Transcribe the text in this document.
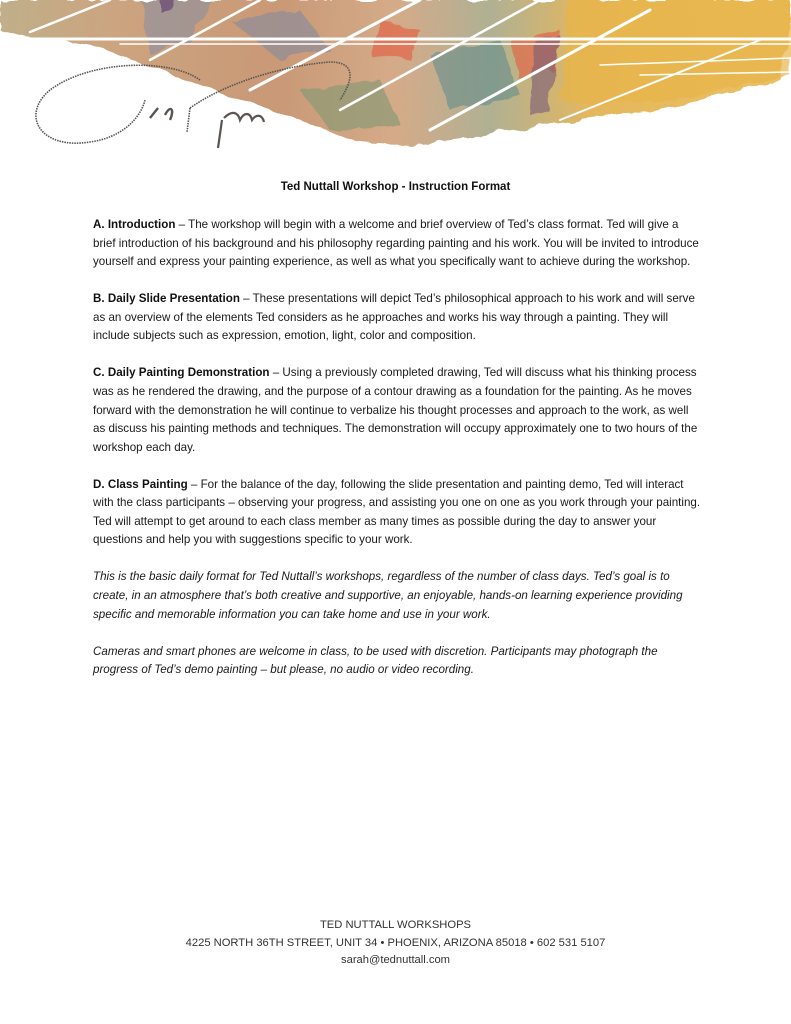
Ted Nuttall Workshop - Instruction Format

A. Introduction – The workshop will begin with a welcome and brief overview of Ted’s class format. Ted will give a brief introduction of his background and his philosophy regarding painting and his work. You will be invited to introduce yourself and express your painting experience, as well as what you specifically want to achieve during the workshop.

B. Daily Slide Presentation – These presentations will depict Ted’s philosophical approach to his work and will serve as an overview of the elements Ted considers as he approaches and works his way through a painting. They will include subjects such as expression, emotion, light, color and composition.

C. Daily Painting Demonstration – Using a previously completed drawing, Ted will discuss what his thinking process was as he rendered the drawing, and the purpose of a contour drawing as a foundation for the painting. As he moves forward with the demonstration he will continue to verbalize his thought processes and approach to the work, as well as discuss his painting methods and techniques. The demonstration will occupy approximately one to two hours of the workshop each day.

D. Class Painting – For the balance of the day, following the slide presentation and painting demo, Ted will interact with the class participants – observing your progress, and assisting you one on one as you work through your painting. Ted will attempt to get around to each class member as many times as possible during the day to answer your questions and help you with suggestions specific to your work.

This is the basic daily format for Ted Nuttall’s workshops, regardless of the number of class days. Ted’s goal is to create, in an atmosphere that’s both creative and supportive, an enjoyable, hands-on learning experience providing specific and memorable information you can take home and use in your work.

Cameras and smart phones are welcome in class, to be used with discretion. Participants may photograph the progress of Ted’s demo painting – but please, no audio or video recording.

TED NUTTALL WORKSHOPS
4225 NORTH 36TH STREET, UNIT 34 • PHOENIX, ARIZONA 85018 • 602 531 5107
sarah@tednuttall.com
